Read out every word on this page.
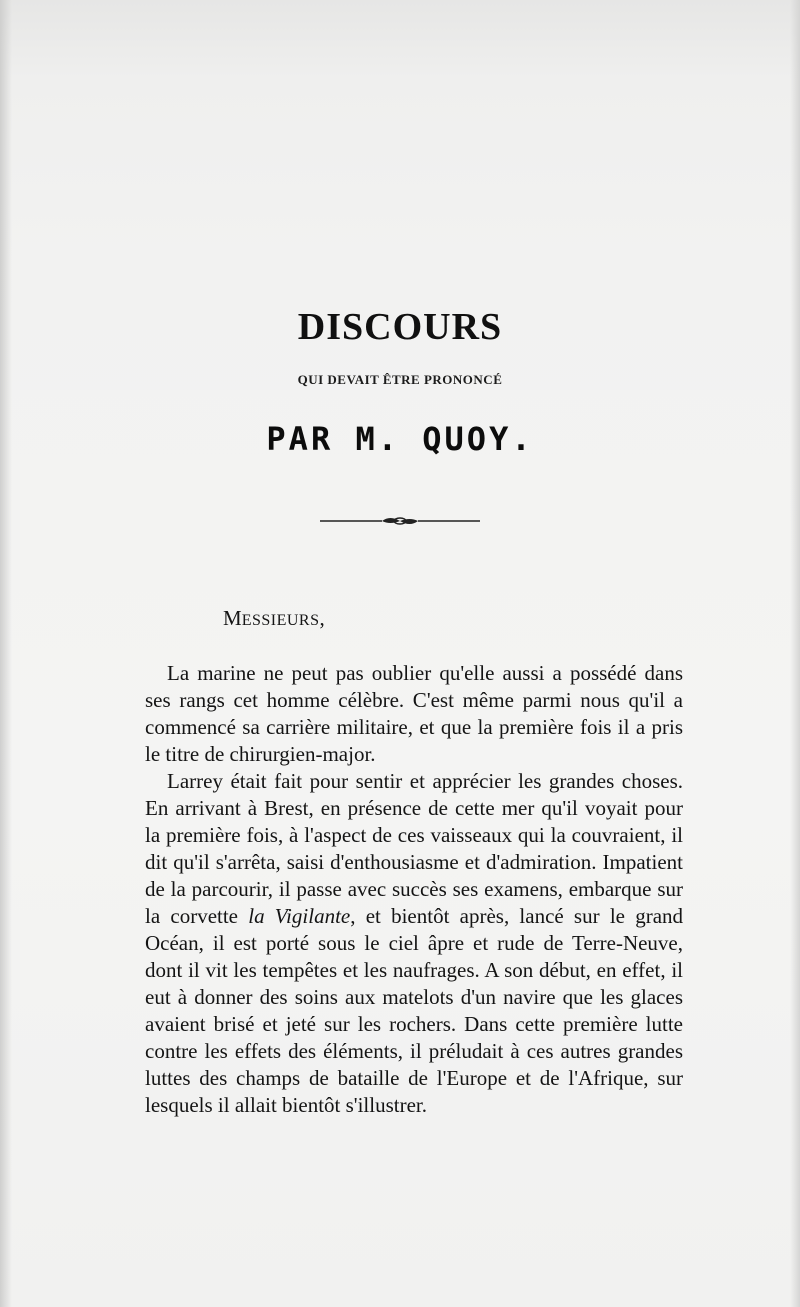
DISCOURS
QUI DEVAIT ÊTRE PRONONCÉ
PAR M. QUOY.
MESSIEURS,

La marine ne peut pas oublier qu'elle aussi a possédé dans ses rangs cet homme célèbre. C'est même parmi nous qu'il a commencé sa carrière militaire, et que la première fois il a pris le titre de chirurgien-major.

Larrey était fait pour sentir et apprécier les grandes choses. En arrivant à Brest, en présence de cette mer qu'il voyait pour la première fois, à l'aspect de ces vaisseaux qui la couvraient, il dit qu'il s'arrêta, saisi d'enthousiasme et d'admiration. Impatient de la parcourir, il passe avec succès ses examens, embarque sur la corvette la Vigilante, et bientôt après, lancé sur le grand Océan, il est porté sous le ciel âpre et rude de Terre-Neuve, dont il vit les tempêtes et les naufrages. A son début, en effet, il eut à donner des soins aux matelots d'un navire que les glaces avaient brisé et jeté sur les rochers. Dans cette première lutte contre les effets des éléments, il préludait à ces autres grandes luttes des champs de bataille de l'Europe et de l'Afrique, sur lesquels il allait bientôt s'illustrer.
